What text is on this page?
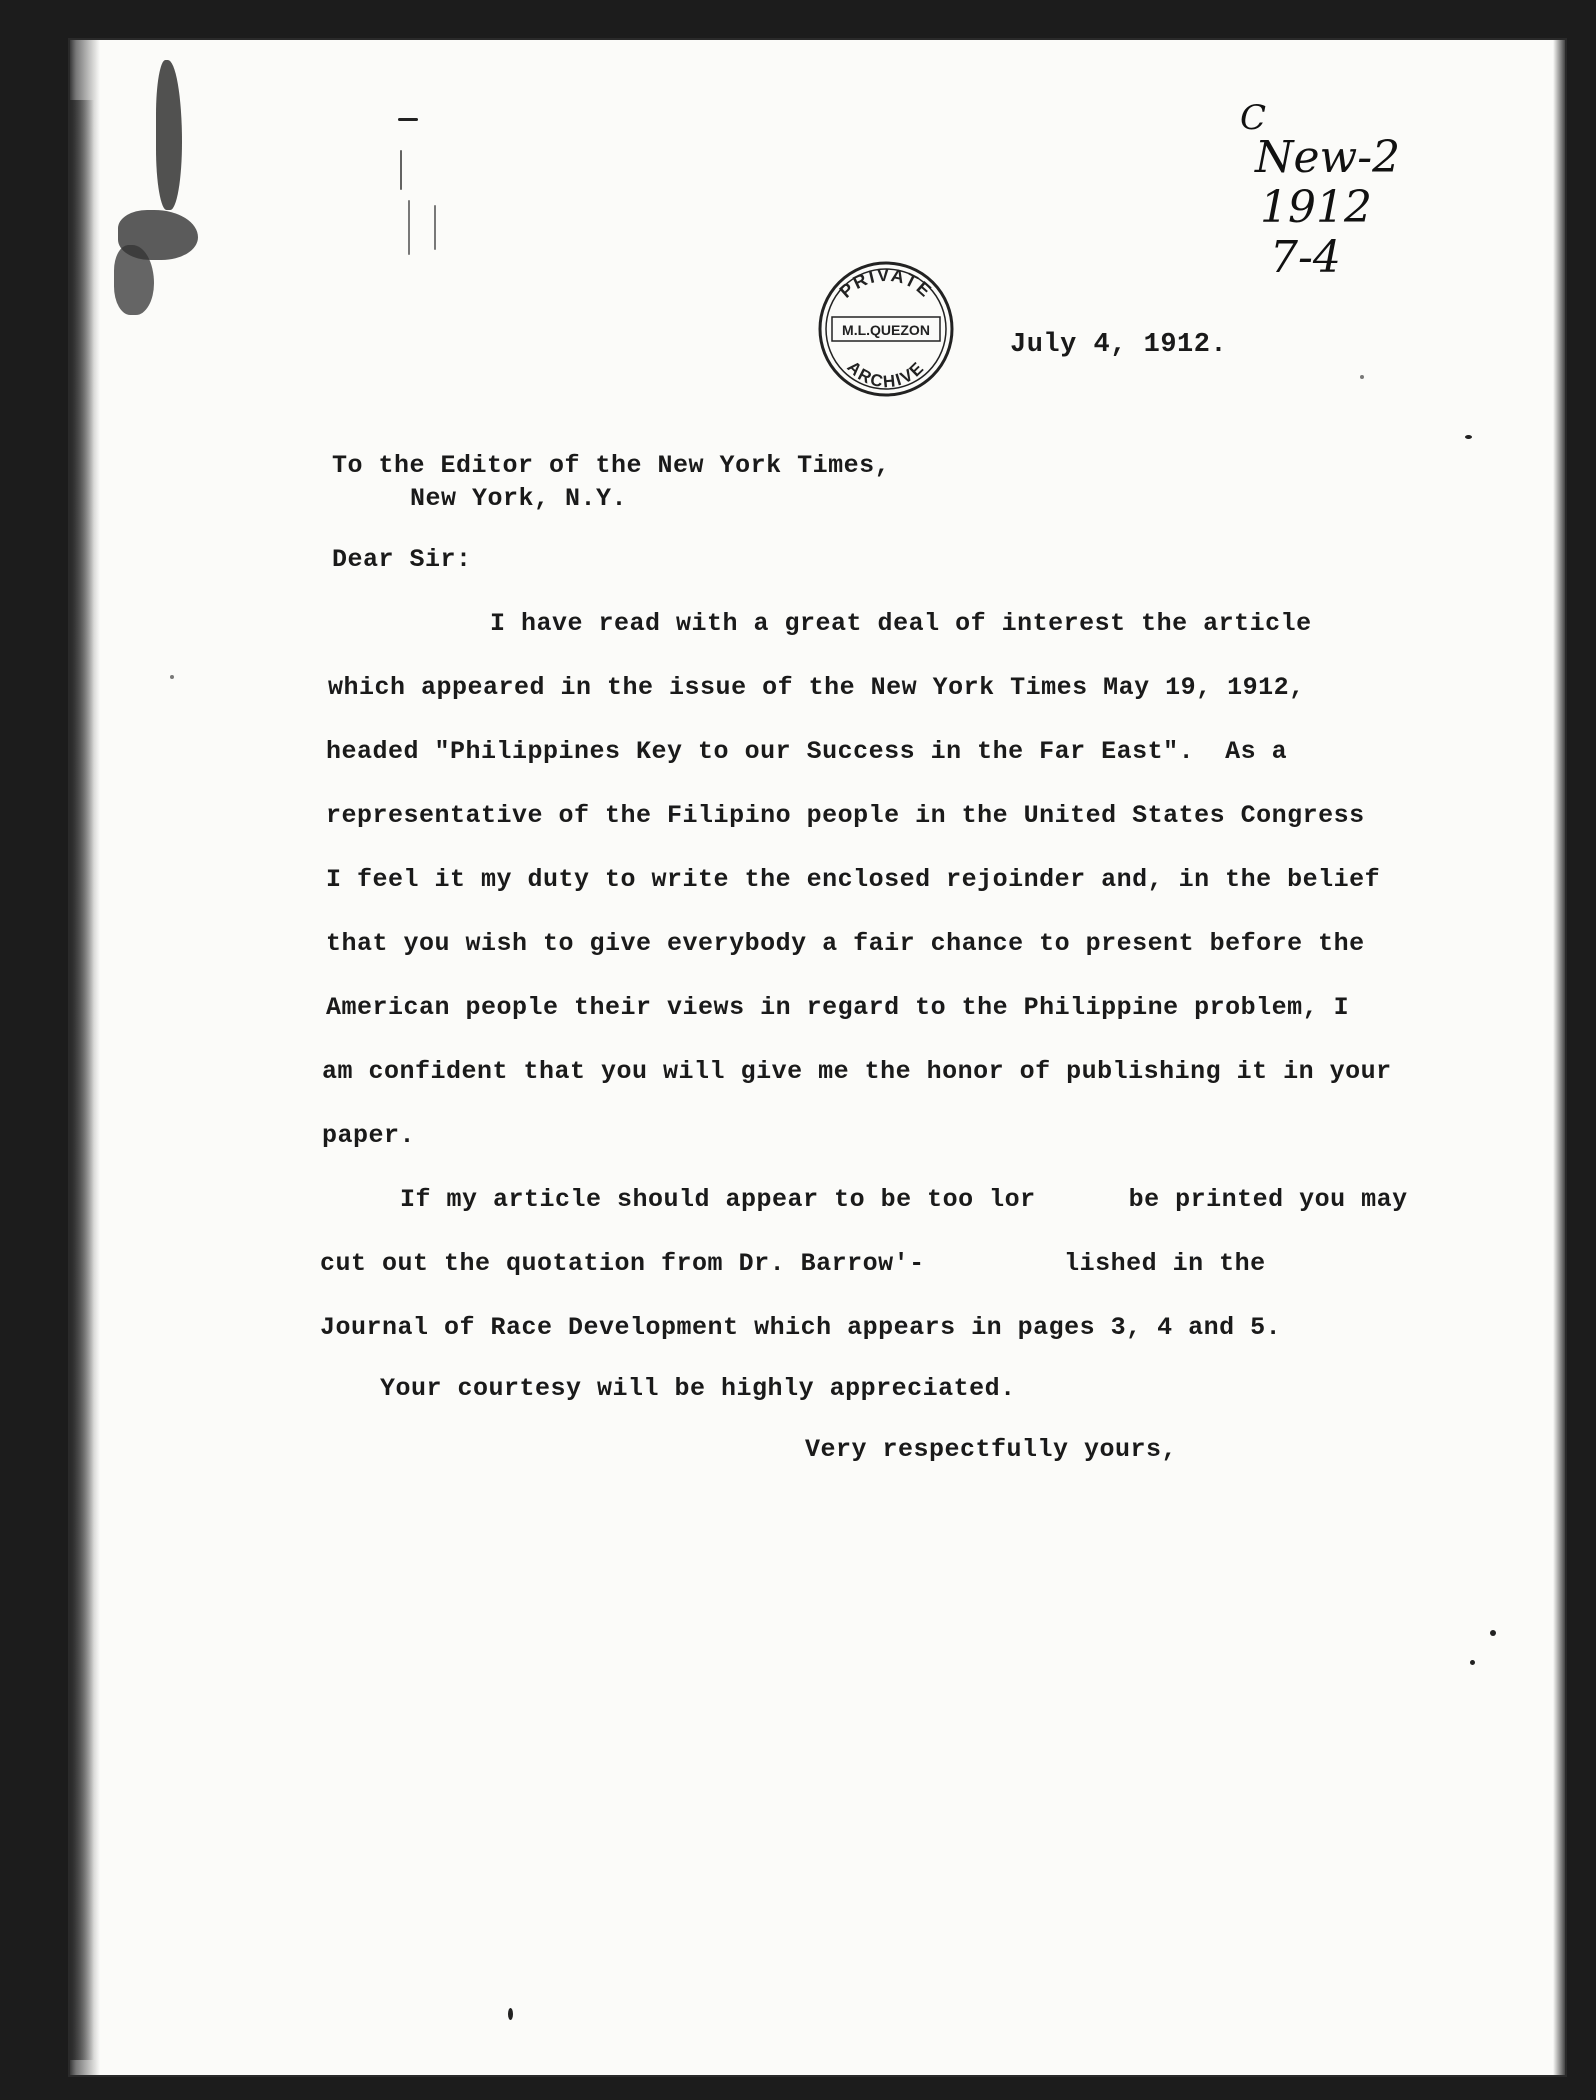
C
New-2
1912
7-4
PRIVATE
M.L.QUEZON
ARCHIVE
July 4, 1912.
To the Editor of the New York Times,
New York, N.Y.
Dear Sir:
I have read with a great deal of interest the article
which appeared in the issue of the New York Times May 19, 1912,
headed "Philippines Key to our Success in the Far East".  As a
representative of the Filipino people in the United States Congress
I feel it my duty to write the enclosed rejoinder and, in the belief
that you wish to give everybody a fair chance to present before the
American people their views in regard to the Philippine problem, I
am confident that you will give me the honor of publishing it in your
paper.
If my article should appear to be too lor      be printed you may
cut out the quotation from Dr. Barrow'-         lished in the
Journal of Race Development which appears in pages 3, 4 and 5.
Your courtesy will be highly appreciated.
Very respectfully yours,
